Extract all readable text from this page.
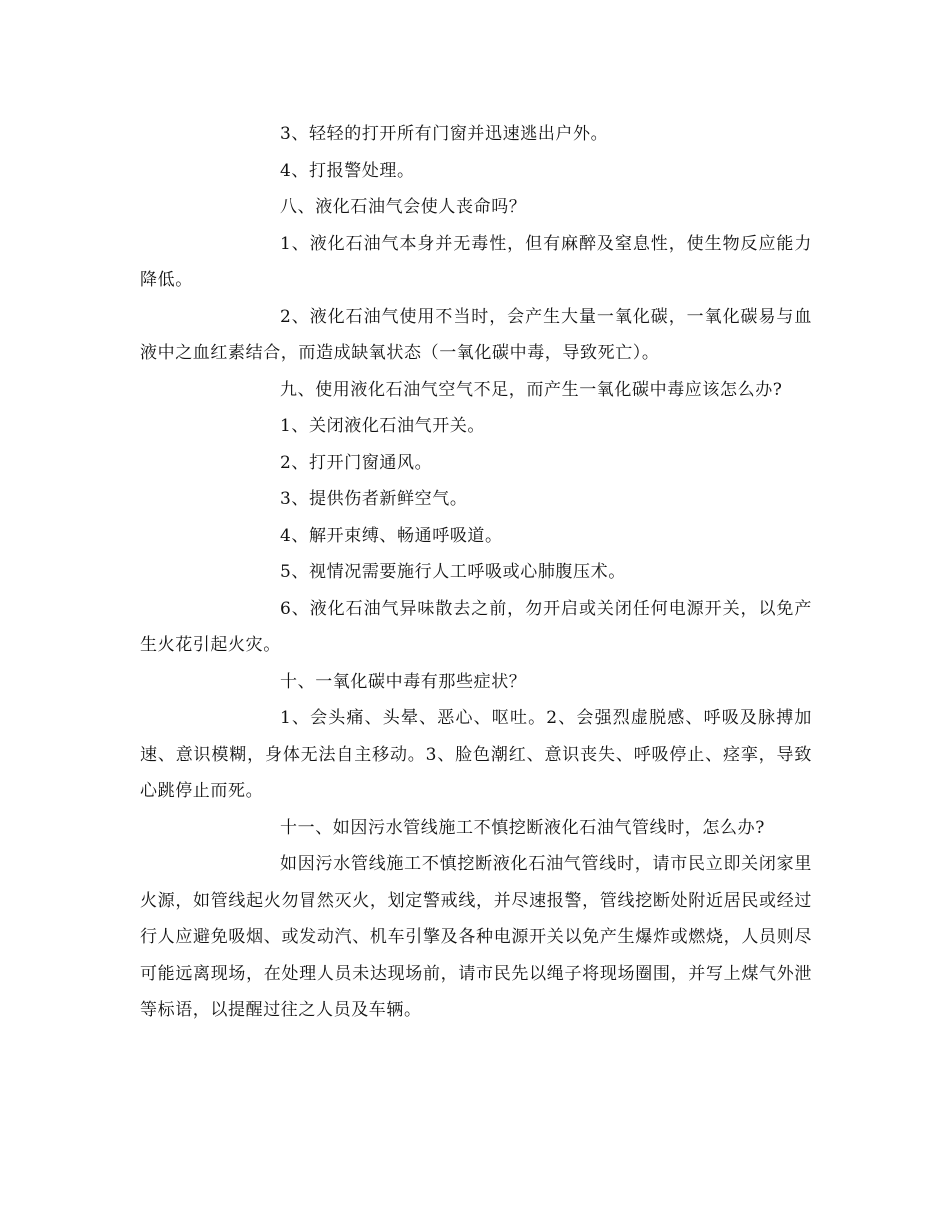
3、轻轻的打开所有门窗并迅速逃出户外。

4、打报警处理。

八、液化石油气会使人丧命吗？

1、液化石油气本身并无毒性，但有麻醉及窒息性，使生物反应能力降低。

2、液化石油气使用不当时，会产生大量一氧化碳，一氧化碳易与血液中之血红素结合，而造成缺氧状态（一氧化碳中毒，导致死亡）。

九、使用液化石油气空气不足，而产生一氧化碳中毒应该怎么办?

1、关闭液化石油气开关。

2、打开门窗通风。

3、提供伤者新鲜空气。

4、解开束缚、畅通呼吸道。

5、视情况需要施行人工呼吸或心肺腹压术。

6、液化石油气异味散去之前，勿开启或关闭任何电源开关，以免产生火花引起火灾。

十、一氧化碳中毒有那些症状？

1、会头痛、头晕、恶心、呕吐。2、会强烈虚脱感、呼吸及脉搏加速、意识模糊，身体无法自主移动。3、脸色潮红、意识丧失、呼吸停止、痉挛，导致心跳停止而死。

十一、如因污水管线施工不慎挖断液化石油气管线时，怎么办?

如因污水管线施工不慎挖断液化石油气管线时，请市民立即关闭家里火源，如管线起火勿冒然灭火，划定警戒线，并尽速报警，管线挖断处附近居民或经过行人应避免吸烟、或发动汽、机车引擎及各种电源开关以免产生爆炸或燃烧，人员则尽可能远离现场，在处理人员未达现场前，请市民先以绳子将现场圈围，并写上煤气外泄等标语，以提醒过往之人员及车辆。
